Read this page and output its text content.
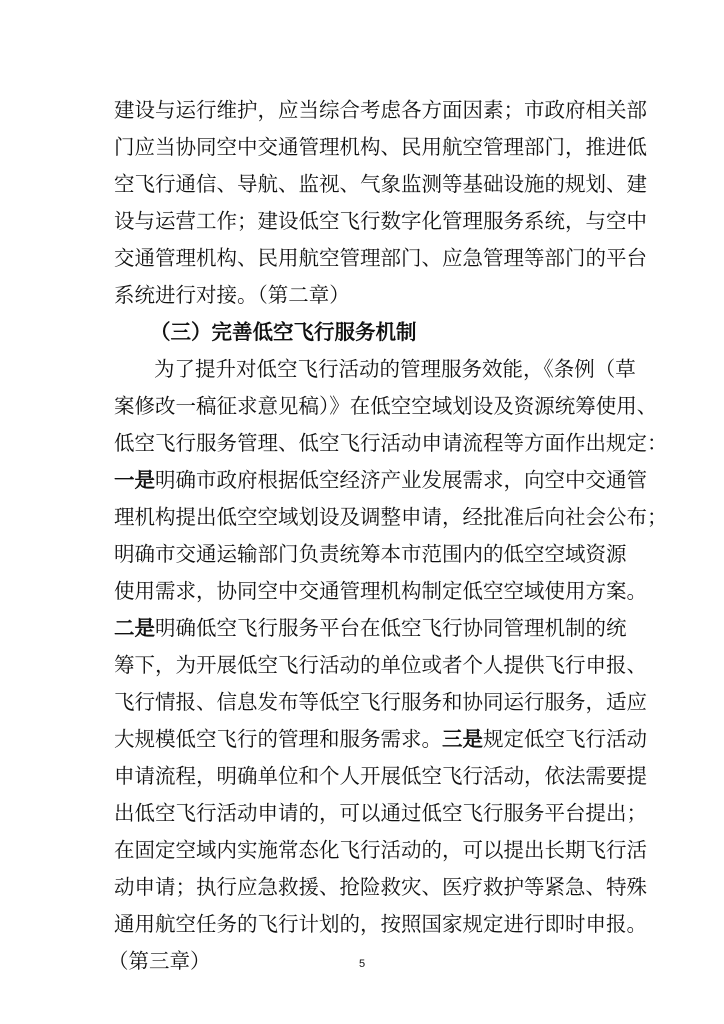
建设与运行维护，应当综合考虑各方面因素；市政府相关部
门应当协同空中交通管理机构、民用航空管理部门，推进低
空飞行通信、导航、监视、气象监测等基础设施的规划、建
设与运营工作；建设低空飞行数字化管理服务系统，与空中
交通管理机构、民用航空管理部门、应急管理等部门的平台
系统进行对接。（第二章）
（三）完善低空飞行服务机制
为了提升对低空飞行活动的管理服务效能，《条例（草
案修改一稿征求意见稿）》在低空空域划设及资源统筹使用、
低空飞行服务管理、低空飞行活动申请流程等方面作出规定：
一是明确市政府根据低空经济产业发展需求，向空中交通管
理机构提出低空空域划设及调整申请，经批准后向社会公布；
明确市交通运输部门负责统筹本市范围内的低空空域资源
使用需求，协同空中交通管理机构制定低空空域使用方案。
二是明确低空飞行服务平台在低空飞行协同管理机制的统
筹下，为开展低空飞行活动的单位或者个人提供飞行申报、
飞行情报、信息发布等低空飞行服务和协同运行服务，适应
大规模低空飞行的管理和服务需求。三是规定低空飞行活动
申请流程，明确单位和个人开展低空飞行活动，依法需要提
出低空飞行活动申请的，可以通过低空飞行服务平台提出；
在固定空域内实施常态化飞行活动的，可以提出长期飞行活
动申请；执行应急救援、抢险救灾、医疗救护等紧急、特殊
通用航空任务的飞行计划的，按照国家规定进行即时申报。
（第三章）	5
